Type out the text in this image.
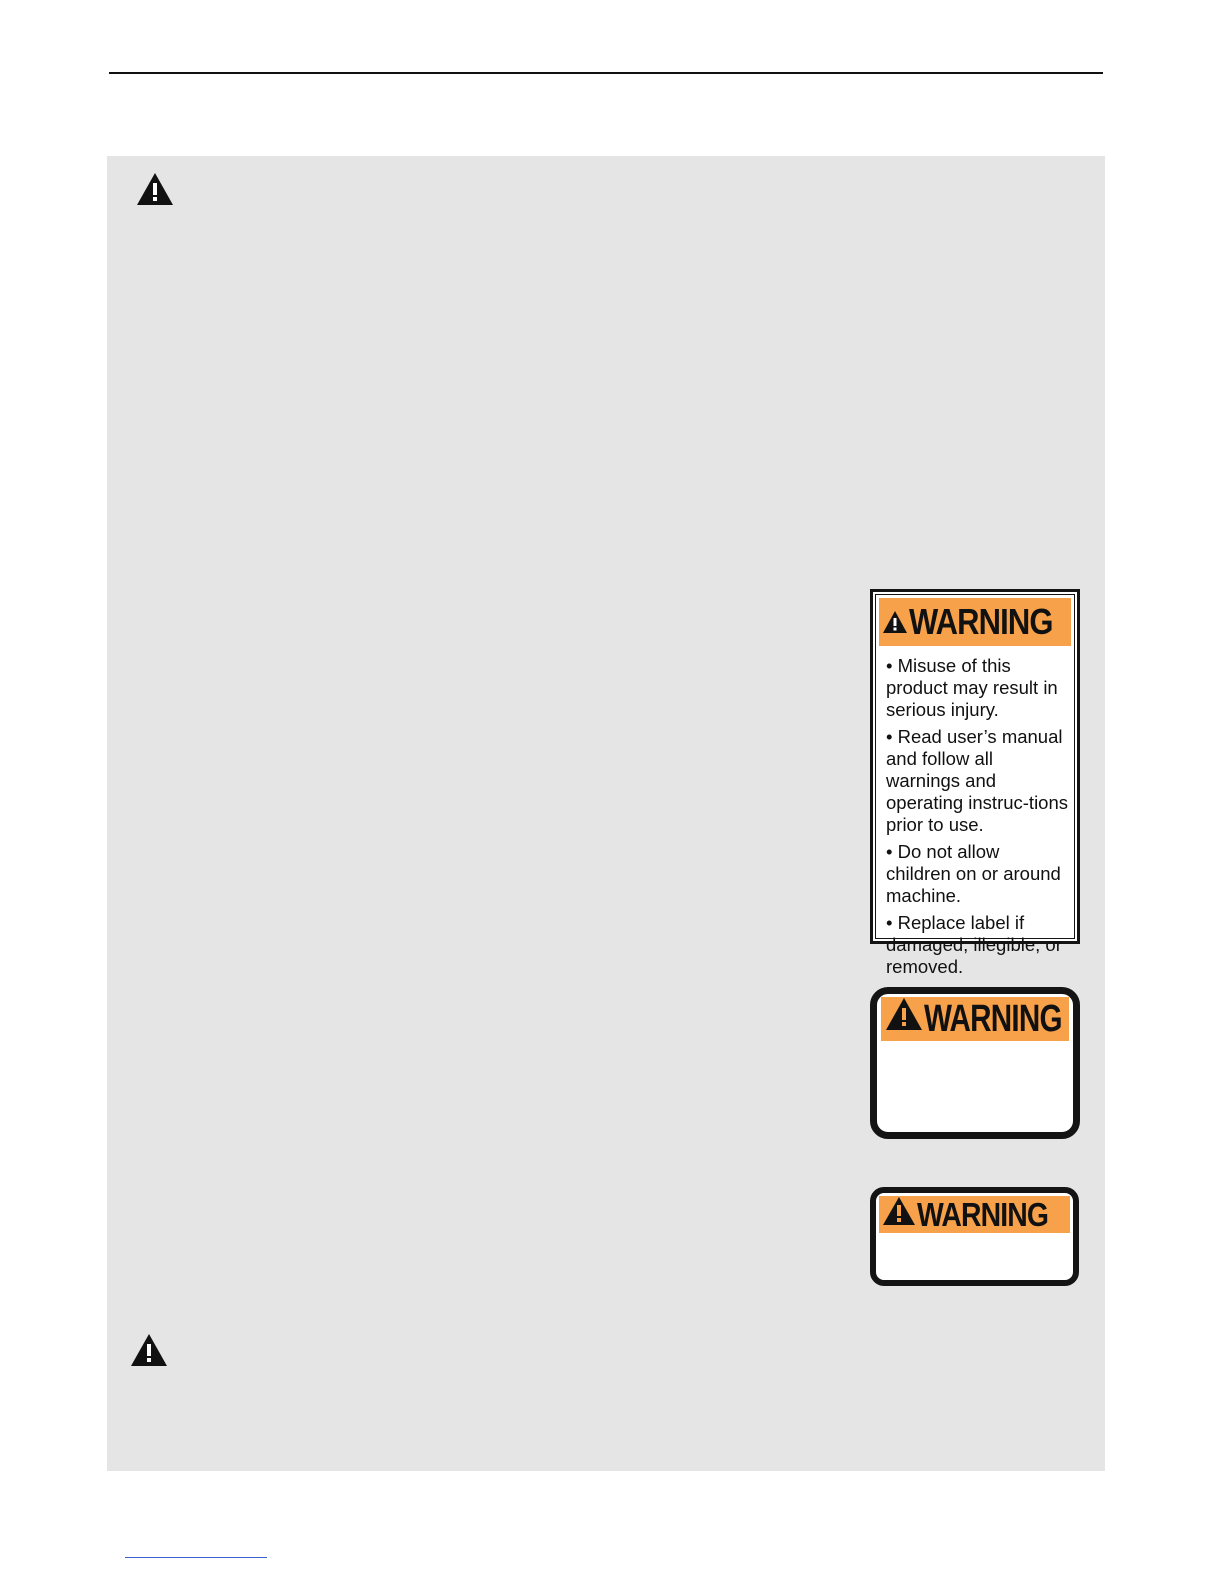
WARNING

• Misuse of this product may result in serious injury.

• Read user’s manual and follow all warnings and operating instruc-tions prior to use.

• Do not allow children on or around machine.

• Replace label if damaged, illegible, or removed.

WARNING
WARNING
